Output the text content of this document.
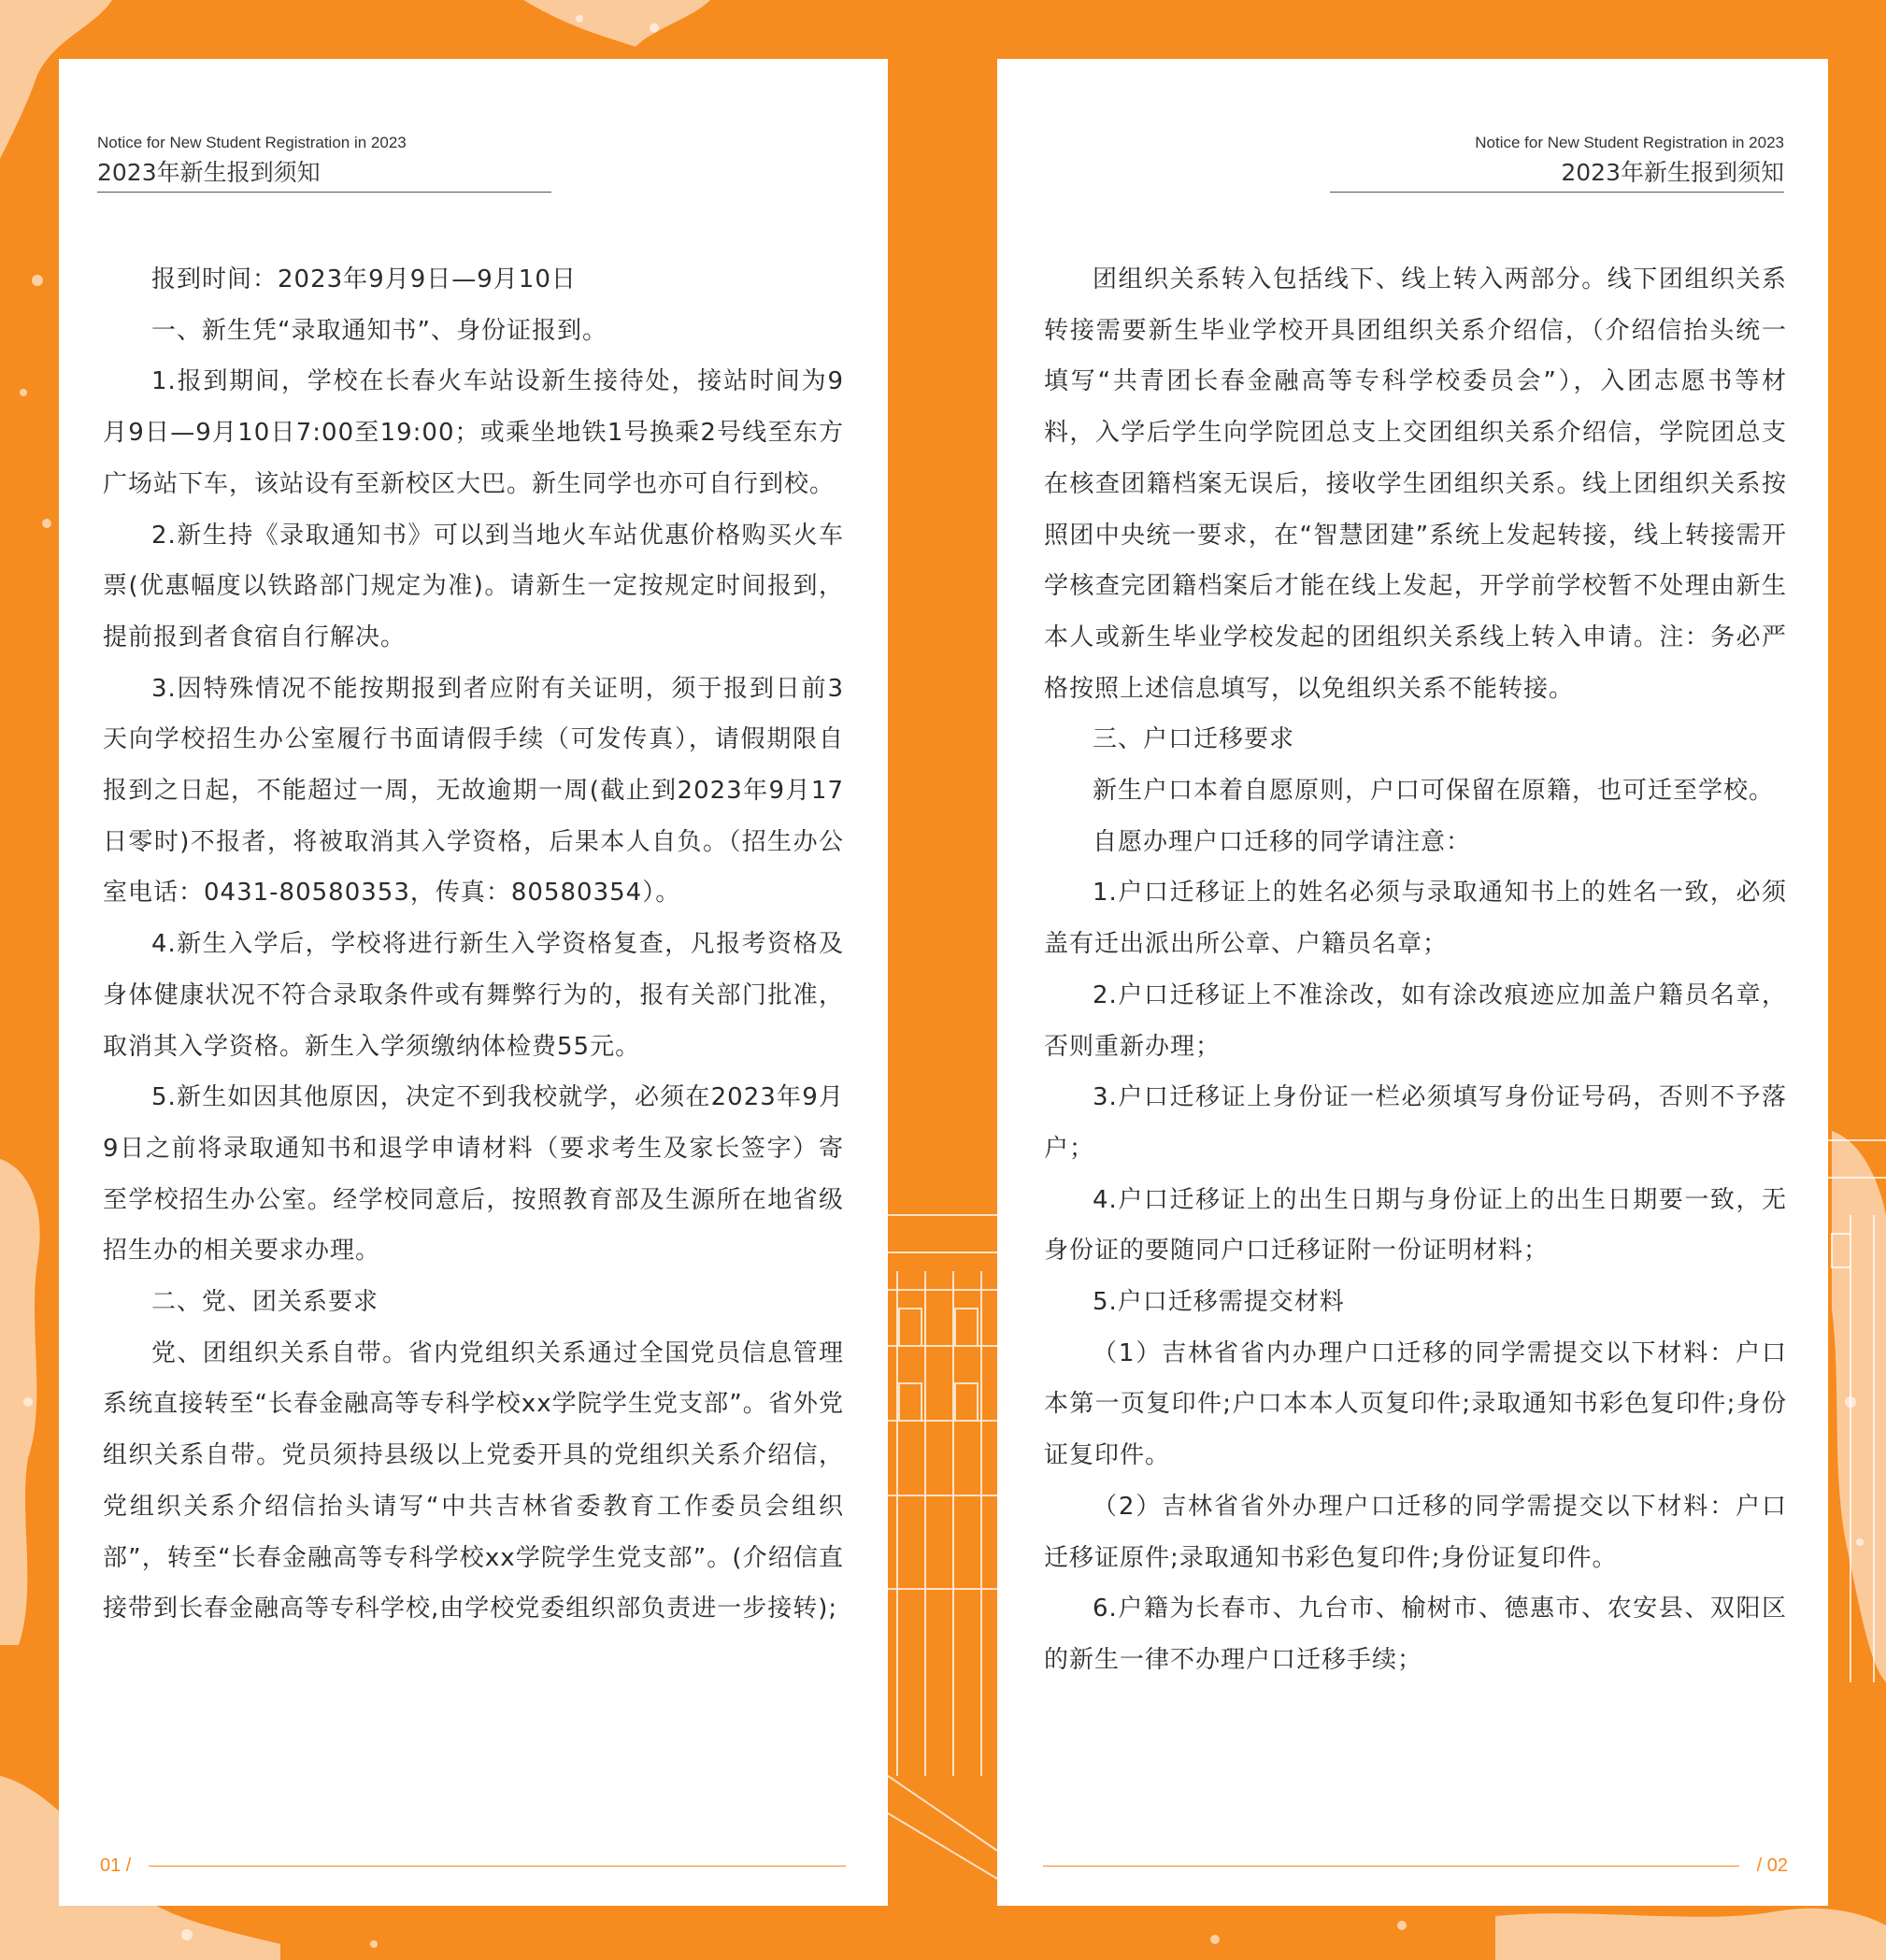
Notice for New Student Registration in 2023
2023年新生报到须知

报到时间：2023年9月9日—9月10日

一、新生凭“录取通知书”、身份证报到。

1.报到期间，学校在长春火车站设新生接待处，接站时间为9月9日—9月10日7:00至19:00；或乘坐地铁1号换乘2号线至东方广场站下车，该站设有至新校区大巴。新生同学也亦可自行到校。

2.新生持《录取通知书》可以到当地火车站优惠价格购买火车票(优惠幅度以铁路部门规定为准)。请新生一定按规定时间报到，提前报到者食宿自行解决。

3.因特殊情况不能按期报到者应附有关证明，须于报到日前3天向学校招生办公室履行书面请假手续（可发传真），请假期限自报到之日起，不能超过一周，无故逾期一周(截止到2023年9月17日零时)不报者，将被取消其入学资格，后果本人自负。（招生办公室电话：0431-80580353，传真：80580354）。

4.新生入学后，学校将进行新生入学资格复查，凡报考资格及身体健康状况不符合录取条件或有舞弊行为的，报有关部门批准，取消其入学资格。新生入学须缴纳体检费55元。

5.新生如因其他原因，决定不到我校就学，必须在2023年9月9日之前将录取通知书和退学申请材料（要求考生及家长签字）寄至学校招生办公室。经学校同意后，按照教育部及生源所在地省级招生办的相关要求办理。

二、党、团关系要求

党、团组织关系自带。省内党组织关系通过全国党员信息管理系统直接转至“长春金融高等专科学校xx学院学生党支部”。省外党组织关系自带。党员须持县级以上党委开具的党组织关系介绍信，党组织关系介绍信抬头请写“中共吉林省委教育工作委员会组织部”，转至“长春金融高等专科学校xx学院学生党支部”。(介绍信直接带到长春金融高等专科学校,由学校党委组织部负责进一步接转);

01 /
Notice for New Student Registration in 2023
2023年新生报到须知

团组织关系转入包括线下、线上转入两部分。线下团组织关系转接需要新生毕业学校开具团组织关系介绍信，（介绍信抬头统一填写“共青团长春金融高等专科学校委员会”），入团志愿书等材料，入学后学生向学院团总支上交团组织关系介绍信，学院团总支在核查团籍档案无误后，接收学生团组织关系。线上团组织关系按照团中央统一要求，在“智慧团建”系统上发起转接，线上转接需开学核查完团籍档案后才能在线上发起，开学前学校暂不处理由新生本人或新生毕业学校发起的团组织关系线上转入申请。注：务必严格按照上述信息填写，以免组织关系不能转接。

三、户口迁移要求

新生户口本着自愿原则，户口可保留在原籍，也可迁至学校。

自愿办理户口迁移的同学请注意：

1.户口迁移证上的姓名必须与录取通知书上的姓名一致，必须盖有迁出派出所公章、户籍员名章；

2.户口迁移证上不准涂改，如有涂改痕迹应加盖户籍员名章，否则重新办理；

3.户口迁移证上身份证一栏必须填写身份证号码，否则不予落户；

4.户口迁移证上的出生日期与身份证上的出生日期要一致，无身份证的要随同户口迁移证附一份证明材料；

5.户口迁移需提交材料

（1）吉林省省内办理户口迁移的同学需提交以下材料：户口本第一页复印件;户口本本人页复印件;录取通知书彩色复印件;身份证复印件。

（2）吉林省省外办理户口迁移的同学需提交以下材料：户口迁移证原件;录取通知书彩色复印件;身份证复印件。

6.户籍为长春市、九台市、榆树市、德惠市、农安县、双阳区的新生一律不办理户口迁移手续；

/ 02
